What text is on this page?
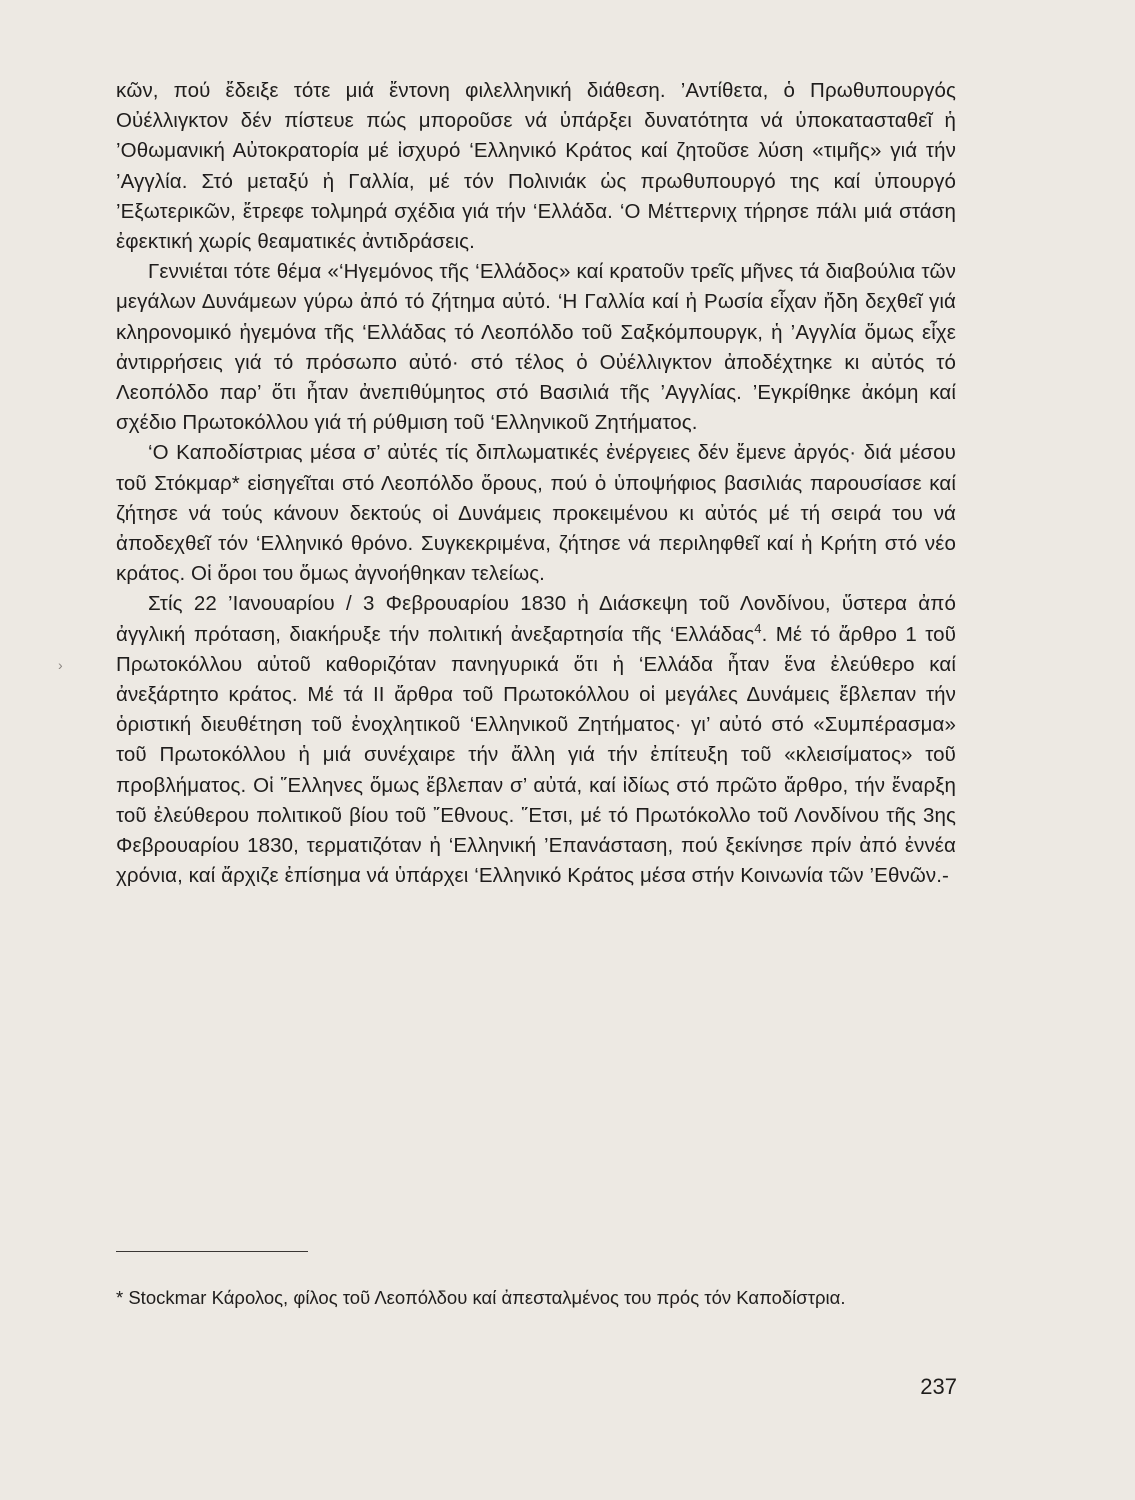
κῶν, πού ἔδειξε τότε μιά ἔντονη φιλελληνική διάθεση. ’Αντίθετα, ὁ Πρωθυπουργός Οὐέλλιγκτον δέν πίστευε πώς μποροῦσε νά ὑπάρξει δυνατότητα νά ὑποκατασταθεῖ ἡ ’Οθωμανική Αὐτοκρατορία μέ ἰσχυρό ‘Ελληνικό Κράτος καί ζητοῦσε λύση «τιμῆς» γιά τήν ’Αγγλία. Στό μεταξύ ἡ Γαλλία, μέ τόν Πολινιάκ ὡς πρωθυπουργό της καί ὑπουργό ’Εξωτερικῶν, ἔτρεφε τολμηρά σχέδια γιά τήν ‘Ελλάδα. ‘Ο Μέττερνιχ τήρησε πάλι μιά στάση ἐφεκτική χωρίς θεαματικές ἀντιδράσεις.

Γεννιέται τότε θέμα «‘Ηγεμόνος τῆς ‘Ελλάδος» καί κρατοῦν τρεῖς μῆνες τά διαβούλια τῶν μεγάλων Δυνάμεων γύρω ἀπό τό ζήτημα αὐτό. ‘Η Γαλλία καί ἡ Ρωσία εἶχαν ἤδη δεχθεῖ γιά κληρονομικό ἡγεμόνα τῆς ‘Ελλάδας τό Λεοπόλδο τοῦ Σαξκόμπουργκ, ἡ ’Αγγλία ὅμως εἶχε ἀντιρρήσεις γιά τό πρόσωπο αὐτό· στό τέλος ὁ Οὐέλλιγκτον ἀποδέχτηκε κι αὐτός τό Λεοπόλδο παρ’ ὅτι ἦταν ἀνεπιθύμητος στό Βασιλιά τῆς ’Αγγλίας. ’Εγκρίθηκε ἀκόμη καί σχέδιο Πρωτοκόλλου γιά τή ρύθμιση τοῦ ‘Ελληνικοῦ Ζητήματος.

‘Ο Καποδίστριας μέσα σ’ αὐτές τίς διπλωματικές ἐνέργειες δέν ἔμενε ἀργός· διά μέσου τοῦ Στόκμαρ* εἰσηγεῖται στό Λεοπόλδο ὅρους, πού ὁ ὑποψήφιος βασιλιάς παρουσίασε καί ζήτησε νά τούς κάνουν δεκτούς οἱ Δυνάμεις προκειμένου κι αὐτός μέ τή σειρά του νά ἀποδεχθεῖ τόν ‘Ελληνικό θρόνο. Συγκεκριμένα, ζήτησε νά περιληφθεῖ καί ἡ Κρήτη στό νέο κράτος. Οἱ ὅροι του ὅμως ἀγνοήθηκαν τελείως.

Στίς 22 ’Ιανουαρίου / 3 Φεβρουαρίου 1830 ἡ Διάσκεψη τοῦ Λονδίνου, ὕστερα ἀπό ἀγγλική πρόταση, διακήρυξε τήν πολιτική ἀνεξαρτησία τῆς ‘Ελλάδας$^4$. Μέ τό ἄρθρο 1 τοῦ Πρωτοκόλλου αὐτοῦ καθοριζόταν πανηγυρικά ὅτι ἡ ‘Ελλάδα ἦταν ἕνα ἐλεύθερο καί ἀνεξάρτητο κράτος. Μέ τά ΙΙ ἄρθρα τοῦ Πρωτοκόλλου οἱ μεγάλες Δυνάμεις ἔβλεπαν τήν ὁριστική διευθέτηση τοῦ ἐνοχλητικοῦ ‘Ελληνικοῦ Ζητήματος· γι’ αὐτό στό «Συμπέρασμα» τοῦ Πρωτοκόλλου ἡ μιά συνέχαιρε τήν ἄλλη γιά τήν ἐπίτευξη τοῦ «κλεισίματος» τοῦ προβλήματος. Οἱ ῞Ελληνες ὅμως ἔβλεπαν σ’ αὐτά, καί ἰδίως στό πρῶτο ἄρθρο, τήν ἔναρξη τοῦ ἐλεύθερου πολιτικοῦ βίου τοῦ ῎Εθνους. ῞Ετσι, μέ τό Πρωτόκολλο τοῦ Λονδίνου τῆς 3ης Φεβρουαρίου 1830, τερματιζόταν ἡ ‘Ελληνική ’Επανάσταση, πού ξεκίνησε πρίν ἀπό ἐννέα χρόνια, καί ἄρχιζε ἐπίσημα νά ὑπάρχει ‘Ελληνικό Κράτος μέσα στήν Κοινωνία τῶν ’Εθνῶν.-

›
* Stockmar Κάρολος, φίλος τοῦ Λεοπόλδου καί ἀπεσταλμένος του πρός τόν Καποδίστρια.
237
